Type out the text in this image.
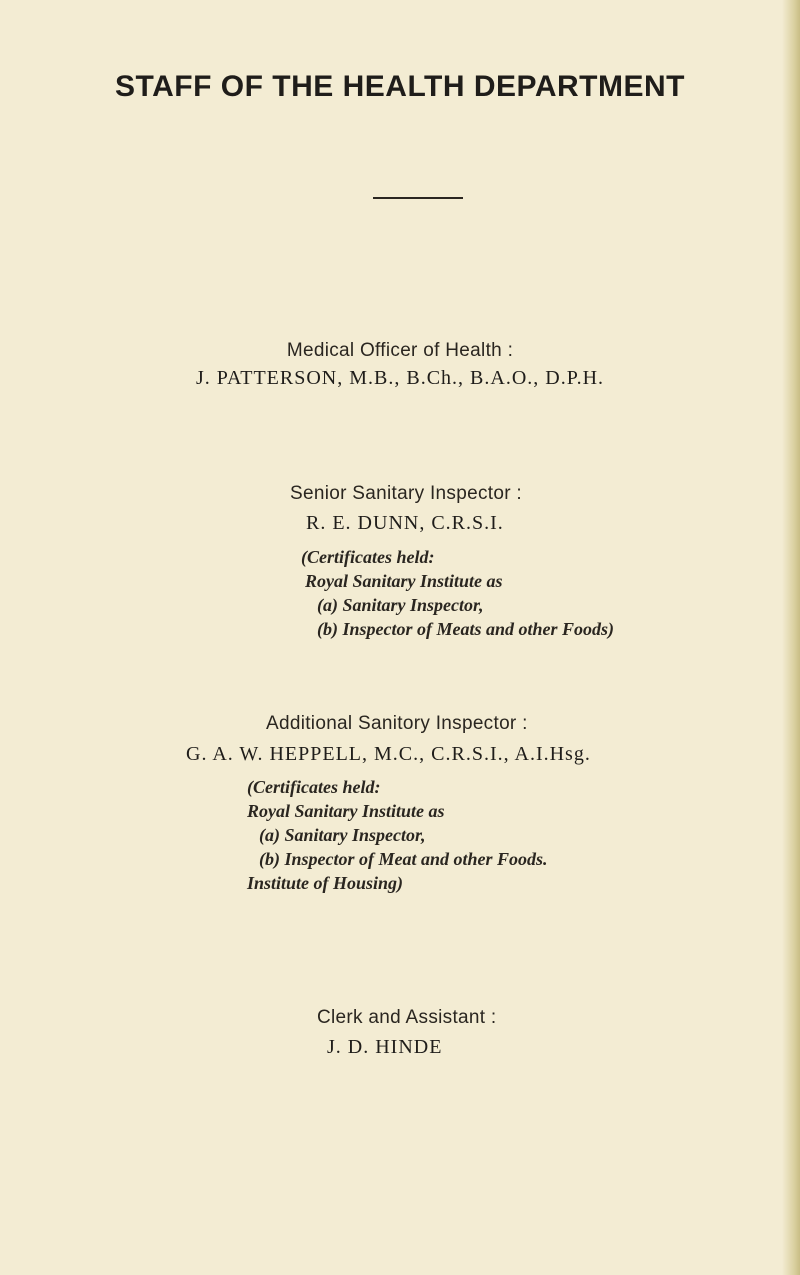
STAFF OF THE HEALTH DEPARTMENT
Medical Officer of Health :
J. PATTERSON, M.B., B.Ch., B.A.O., D.P.H.
Senior Sanitary Inspector :
R. E. DUNN, C.R.S.I.
(Certificates held:
Royal Sanitary Institute as
(a) Sanitary Inspector,
(b) Inspector of Meats and other Foods)
Additional Sanitory Inspector :
G. A. W. HEPPELL, M.C., C.R.S.I., A.I.Hsg.
(Certificates held:
Royal Sanitary Institute as
(a) Sanitary Inspector,
(b) Inspector of Meat and other Foods.
Institute of Housing)
Clerk and Assistant :
J. D. HINDE
